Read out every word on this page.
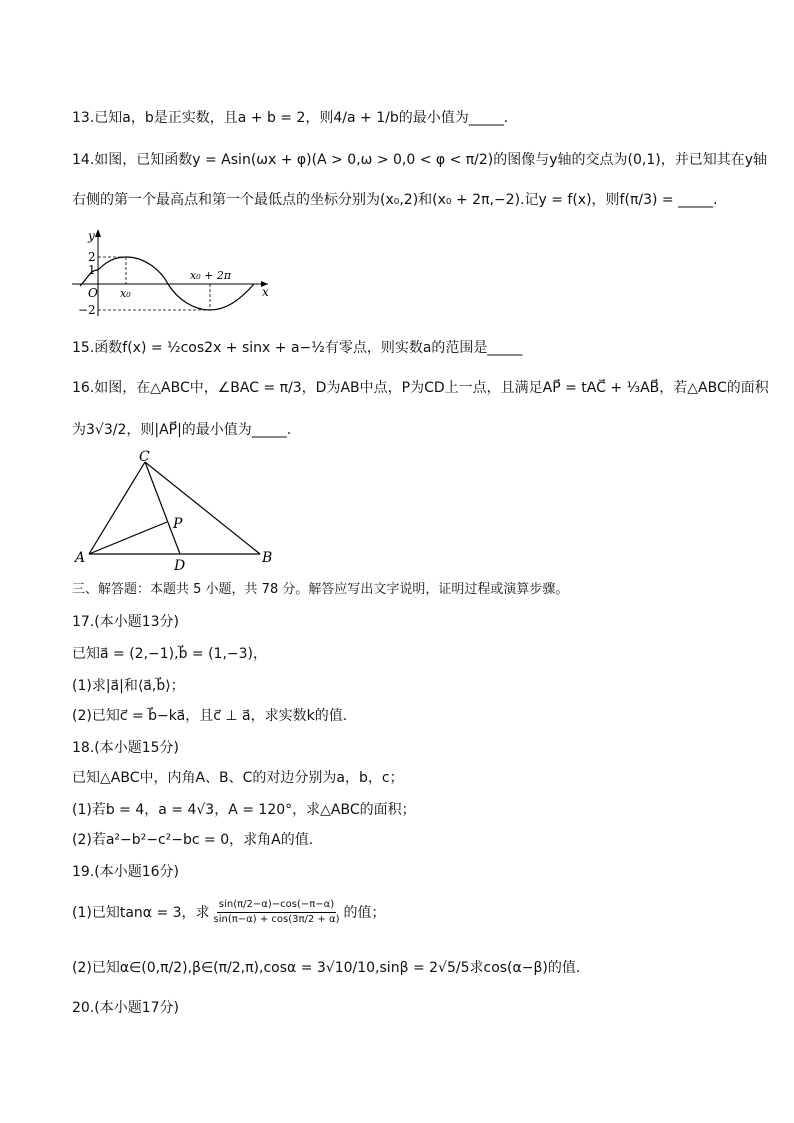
13.已知a，b是正实数，且a + b = 2，则4/a + 1/b的最小值为_____.
14.如图，已知函数y = Asin(ωx + φ)(A > 0,ω > 0,0 < φ < π/2)的图像与y轴的交点为(0,1)，并已知其在y轴
右侧的第一个最高点和第一个最低点的坐标分别为(x₀,2)和(x₀ + 2π,−2).记y = f(x)，则f(π/3) = _____.
y
x
O
2
1
−2
x₀
x₀ + 2π
15.函数f(x) = ½cos2x + sinx + a−½有零点，则实数a的范围是_____
16.如图，在△ABC中，∠BAC = π/3，D为AB中点，P为CD上一点，且满足AP⃗ = tAC⃗ + ⅓AB⃗，若△ABC的面积
为3√3/2，则|AP⃗|的最小值为_____.
C
A	B
D
P
三、解答题：本题共 5 小题，共 78 分。解答应写出文字说明，证明过程或演算步骤。
17.(本小题13分)
已知a⃗ = (2,−1),b⃗ = (1,−3)，
(1)求|a⃗|和⟨a⃗,b⃗⟩；
(2)已知c⃗ = b⃗−ka⃗，且c⃗ ⊥ a⃗，求实数k的值.
18.(本小题15分)
已知△ABC中，内角A、B、C的对边分别为a，b，c；
(1)若b = 4，a = 4√3，A = 120°，求△ABC的面积；
(2)若a²−b²−c²−bc = 0，求角A的值.
19.(本小题16分)
(1)已知tanα = 3，求 $\frac{\sin(\pi/2-\alpha)-\cos(-\pi-\alpha)}{\sin(\pi-\alpha) + \cos(3\pi/2 + \alpha)}$ 的值；
(2)已知α∈(0,π/2),β∈(π/2,π),cosα = 3√10/10,sinβ = 2√5/5求cos(α−β)的值.
20.(本小题17分)
